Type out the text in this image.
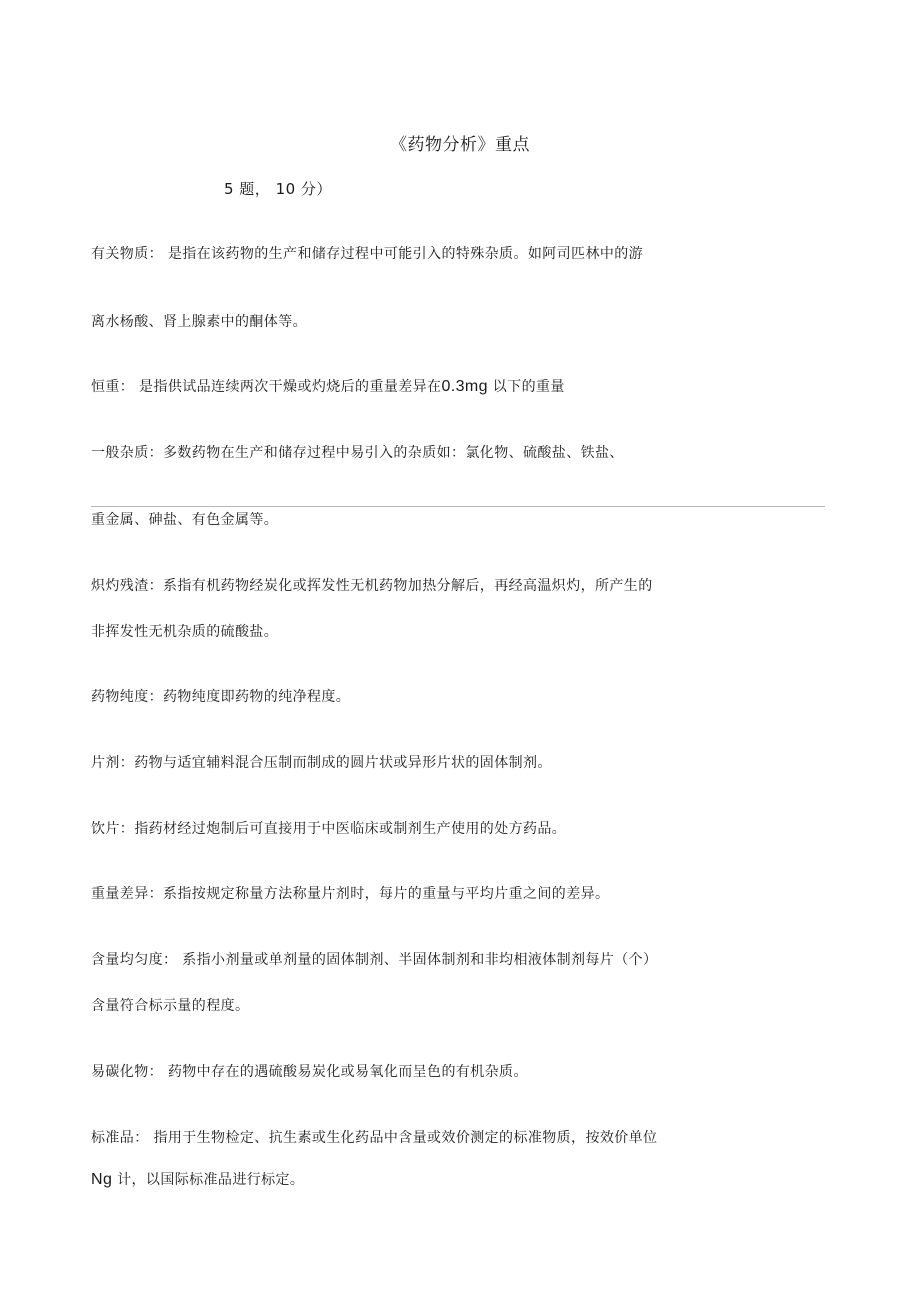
《药物分析》重点
5 题， 10 分）
有关物质： 是指在该药物的生产和储存过程中可能引入的特殊杂质。如阿司匹林中的游
离水杨酸、肾上腺素中的酮体等。
恒重： 是指供试品连续两次干燥或灼烧后的重量差异在0.3mg 以下的重量
一般杂质：多数药物在生产和储存过程中易引入的杂质如：氯化物、硫酸盐、铁盐、
重金属、砷盐、有色金属等。
炽灼残渣：系指有机药物经炭化或挥发性无机药物加热分解后，再经高温炽灼，所产生的
非挥发性无机杂质的硫酸盐。
药物纯度：药物纯度即药物的纯净程度。
片剂：药物与适宜辅料混合压制而制成的圆片状或异形片状的固体制剂。
饮片：指药材经过炮制后可直接用于中医临床或制剂生产使用的处方药品。
重量差异：系指按规定称量方法称量片剂时，每片的重量与平均片重之间的差异。
含量均匀度： 系指小剂量或单剂量的固体制剂、半固体制剂和非均相液体制剂每片（个）
含量符合标示量的程度。
易碳化物： 药物中存在的遇硫酸易炭化或易氧化而呈色的有机杂质。
标准品： 指用于生物检定、抗生素或生化药品中含量或效价测定的标准物质，按效价单位
Ng 计，以国际标准品进行标定。
